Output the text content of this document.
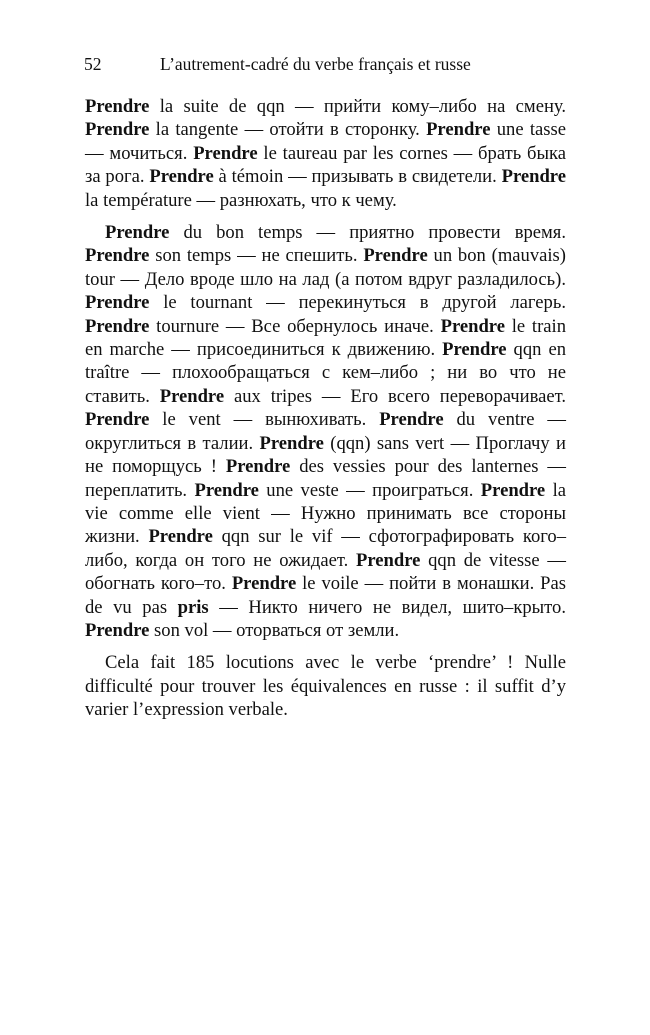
52	L’autrement-cadré du verbe français et russe

Prendre la suite de qqn — прийти кому–либо на смену. Prendre la tangente — отойти в сторонку. Prendre une tasse — мочиться. Prendre le taureau par les cornes — брать быка за рога. Prendre à témoin — призывать в свидетели. Prendre la température — разнюхать, что к чему.

Prendre du bon temps — приятно провести время. Prendre son temps — не спешить. Prendre un bon (mauvais) tour — Дело вроде шло на лад (а потом вдруг разладилось). Prendre le tournant — перекинуться в другой лагерь. Prendre tournure — Все обернулось иначе. Prendre le train en marche — присоединиться к движению. Prendre qqn en traître — плохообращаться с кем–либо ; ни во что не ставить. Prendre aux tripes — Его всего переворачивает. Prendre le vent — вынюхивать. Prendre du ventre — округлиться в талии. Prendre (qqn) sans vert — Проглачу и не поморщусь ! Prendre des vessies pour des lanternes — переплатить. Prendre une veste — проиграться. Prendre la vie comme elle vient — Нужно принимать все стороны жизни. Prendre qqn sur le vif — сфотографировать кого–либо, когда он того не ожидает. Prendre qqn de vitesse — обогнать кого–то. Prendre le voile — пойти в монашки. Pas de vu pas pris — Никто ничего не видел, шито–крыто. Prendre son vol — оторваться от земли.

Cela fait 185 locutions avec le verbe ‘prendre’ ! Nulle difficulté pour trouver les équivalences en russe : il suffit d’y varier l’expression verbale.
